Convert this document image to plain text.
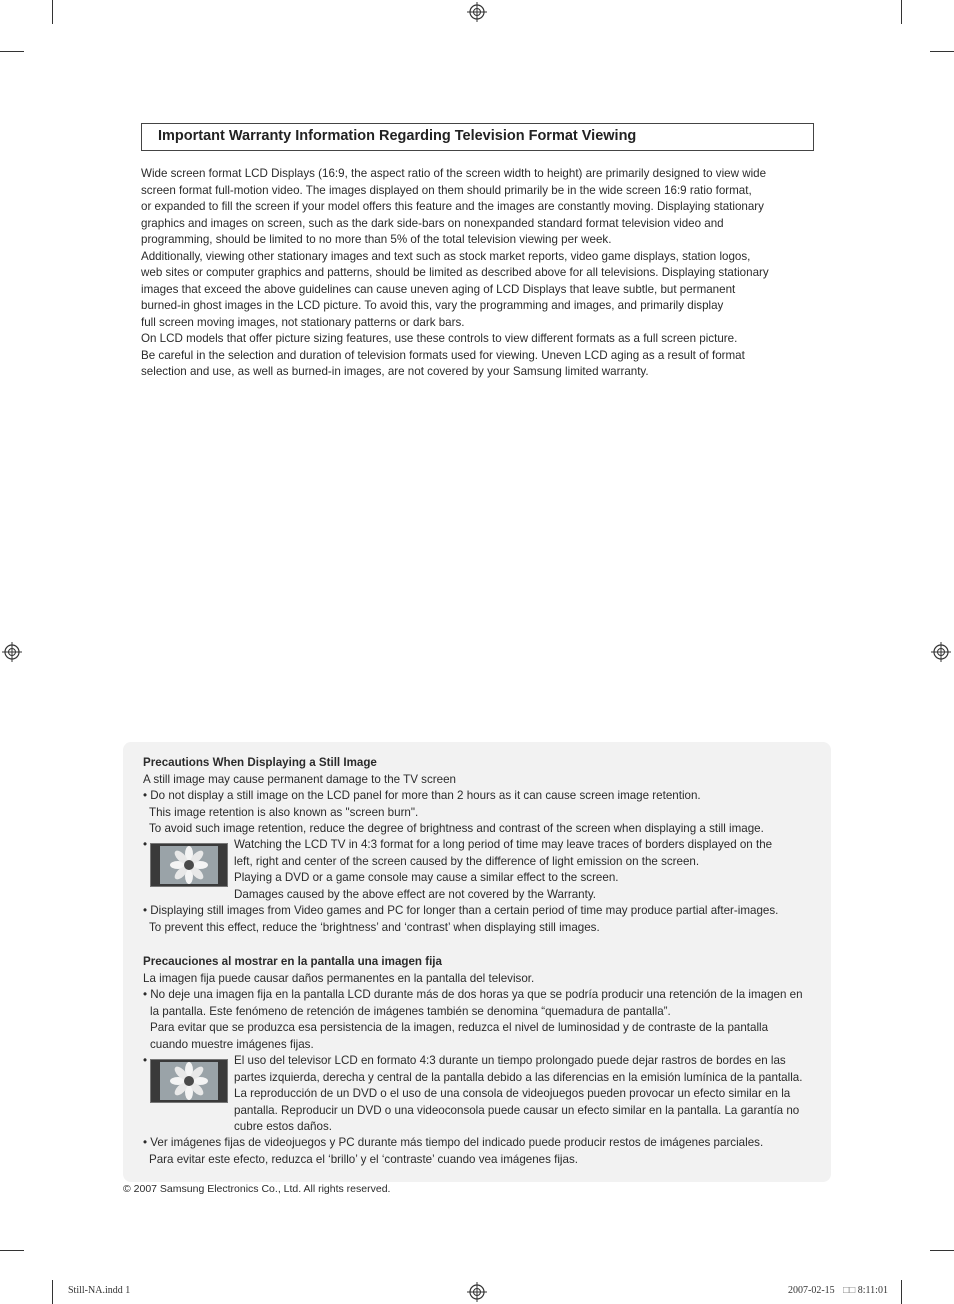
Important Warranty Information Regarding Television Format Viewing
Wide screen format LCD Displays (16:9, the aspect ratio of the screen width to height) are primarily designed to view wide
screen format full-motion video. The images displayed on them should primarily be in the wide screen 16:9 ratio format,
or expanded to fill the screen if your model offers this feature and the images are constantly moving. Displaying stationary
graphics and images on screen, such as the dark side-bars on nonexpanded standard format television video and
programming, should be limited to no more than 5% of the total television viewing per week.
Additionally, viewing other stationary images and text such as stock market reports, video game displays, station logos,
web sites or computer graphics and patterns, should be limited as described above for all televisions. Displaying stationary
images that exceed the above guidelines can cause uneven aging of LCD Displays that leave subtle, but permanent
burned-in ghost images in the LCD picture. To avoid this, vary the programming and images, and primarily display
full screen moving images, not stationary patterns or dark bars.
On LCD models that offer picture sizing features, use these controls to view different formats as a full screen picture.
Be careful in the selection and duration of television formats used for viewing. Uneven LCD aging as a result of format
selection and use, as well as burned-in images, are not covered by your Samsung limited warranty.
Precautions When Displaying a Still Image
A still image may cause permanent damage to the TV screen
• Do not display a still image on the LCD panel for more than 2 hours as it can cause screen image retention.
This image retention is also known as "screen burn".
To avoid such image retention, reduce the degree of brightness and contrast of the screen when displaying a still image.
•	Watching the LCD TV in 4:3 format for a long period of time may leave traces of borders displayed on the
left, right and center of the screen caused by the difference of light emission on the screen.
Playing a DVD or a game console may cause a similar effect to the screen.
Damages caused by the above effect are not covered by the Warranty.
• Displaying still images from Video games and PC for longer than a certain period of time may produce partial after-images.
To prevent this effect, reduce the ‘brightness’ and ‘contrast’ when displaying still images.
Precauciones al mostrar en la pantalla una imagen fija
La imagen fija puede causar daños permanentes en la pantalla del televisor.
• No deje una imagen fija en la pantalla LCD durante más de dos horas ya que se podría producir una retención de la imagen en
la pantalla. Este fenómeno de retención de imágenes también se denomina “quemadura de pantalla”.
Para evitar que se produzca esa persistencia de la imagen, reduzca el nivel de luminosidad y de contraste de la pantalla
cuando muestre imágenes fijas.
•	El uso del televisor LCD en formato 4:3 durante un tiempo prolongado puede dejar rastros de bordes en las
partes izquierda, derecha y central de la pantalla debido a las diferencias en la emisión lumínica de la pantalla.
La reproducción de un DVD o el uso de una consola de videojuegos pueden provocar un efecto similar en la
pantalla. Reproducir un DVD o una videoconsola puede causar un efecto similar en la pantalla. La garantía no
cubre estos daños.
• Ver imágenes fijas de videojuegos y PC durante más tiempo del indicado puede producir restos de imágenes parciales.
Para evitar este efecto, reduzca el ‘brillo’ y el ‘contraste’ cuando vea imágenes fijas.
© 2007 Samsung Electronics Co., Ltd. All rights reserved.
Still-NA.indd 1	2007-02-15 □□ 8:11:01
